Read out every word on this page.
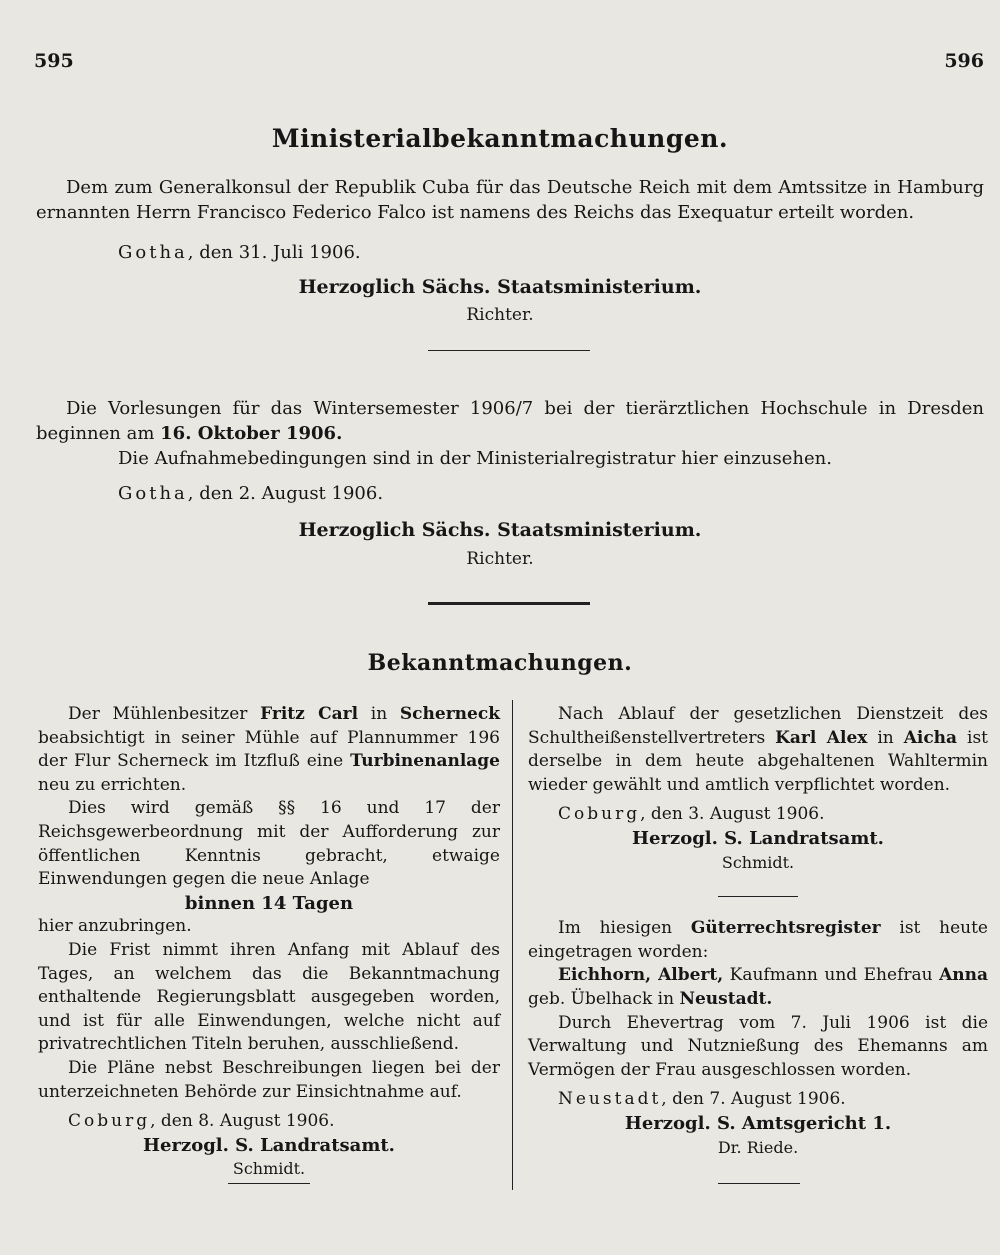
595	596
Ministerialbekanntmachungen.
Dem zum Generalkonsul der Republik Cuba für das Deutsche Reich mit dem Amtssitze in Hamburg ernannten Herrn Francisco Federico Falco ist namens des Reichs das Exequatur erteilt worden.
Gotha, den 31. Juli 1906.
Herzoglich Sächs. Staatsministerium.
Richter.
Die Vorlesungen für das Wintersemester 1906/7 bei der tierärztlichen Hochschule in Dresden beginnen am 16. Oktober 1906.
Die Aufnahmebedingungen sind in der Ministerialregistratur hier einzusehen.
Gotha, den 2. August 1906.
Herzoglich Sächs. Staatsministerium.
Richter.
Bekanntmachungen.

Der Mühlenbesitzer Fritz Carl in Scherneck beabsichtigt in seiner Mühle auf Plannummer 196 der Flur Scherneck im Itzfluß eine Turbinenanlage neu zu errichten.

Dies wird gemäß §§ 16 und 17 der Reichsgewerbeordnung mit der Aufforderung zur öffentlichen Kenntnis gebracht, etwaige Einwendungen gegen die neue Anlage

binnen 14 Tagen

hier anzubringen.

Die Frist nimmt ihren Anfang mit Ablauf des Tages, an welchem das die Bekanntmachung enthaltende Regierungsblatt ausgegeben worden, und ist für alle Einwendungen, welche nicht auf privatrechtlichen Titeln beruhen, ausschließend.

Die Pläne nebst Beschreibungen liegen bei der unterzeichneten Behörde zur Einsichtnahme auf.

Coburg, den 8. August 1906.

Herzogl. S. Landratsamt.

Schmidt.

Nach Ablauf der gesetzlichen Dienstzeit des Schultheißenstellvertreters Karl Alex in Aicha ist derselbe in dem heute abgehaltenen Wahltermin wieder gewählt und amtlich verpflichtet worden.

Coburg, den 3. August 1906.

Herzogl. S. Landratsamt.

Schmidt.

Im hiesigen Güterrechtsregister ist heute eingetragen worden:

Eichhorn, Albert, Kaufmann und Ehefrau Anna geb. Übelhack in Neustadt.

Durch Ehevertrag vom 7. Juli 1906 ist die Verwaltung und Nutznießung des Ehemanns am Vermögen der Frau ausgeschlossen worden.

Neustadt, den 7. August 1906.

Herzogl. S. Amtsgericht 1.

Dr. Riede.
